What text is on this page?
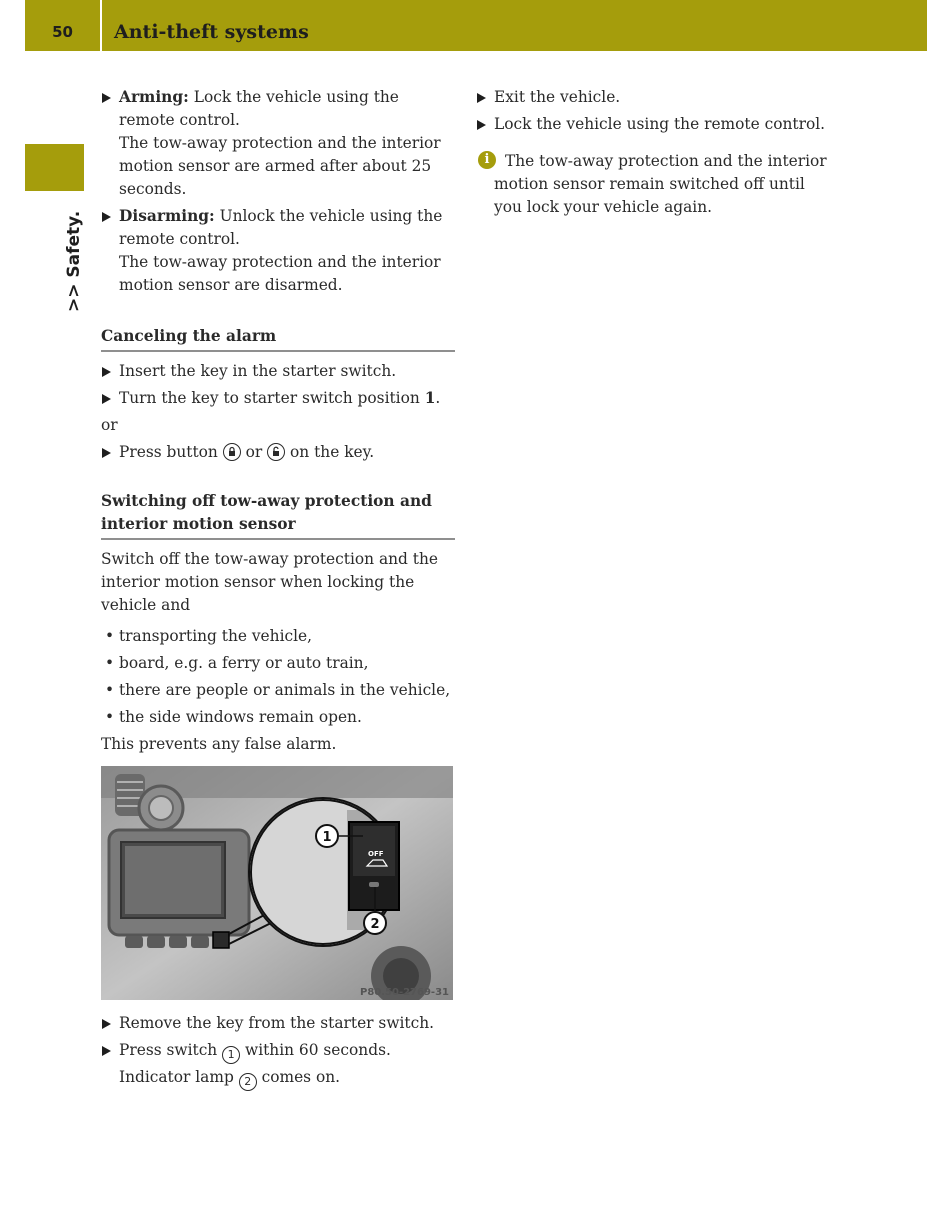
50	Anti-theft systems
>> Safety.
Arming: Lock the vehicle using the remote control.
The tow-away protection and the interior motion sensor are armed after about 25 seconds.
Disarming: Unlock the vehicle using the remote control.
The tow-away protection and the interior motion sensor are disarmed.
Canceling the alarm
Insert the key in the starter switch.
Turn the key to starter switch position 1.
or
Press button
or
on the key.
Switching off tow-away protection and interior motion sensor
Switch off the tow-away protection and the interior motion sensor when locking the vehicle and
• transporting the vehicle,
• board, e.g. a ferry or auto train,
• there are people or animals in the vehicle,
• the side windows remain open.
This prevents any false alarm.
OFF
1
2
P80.50-2769-31
Remove the key from the starter switch.
Press switch 1 within 60 seconds.
Indicator lamp 2 comes on.
Exit the vehicle.
Lock the vehicle using the remote control.
i	The tow-away protection and the interior motion sensor remain switched off until you lock your vehicle again.
